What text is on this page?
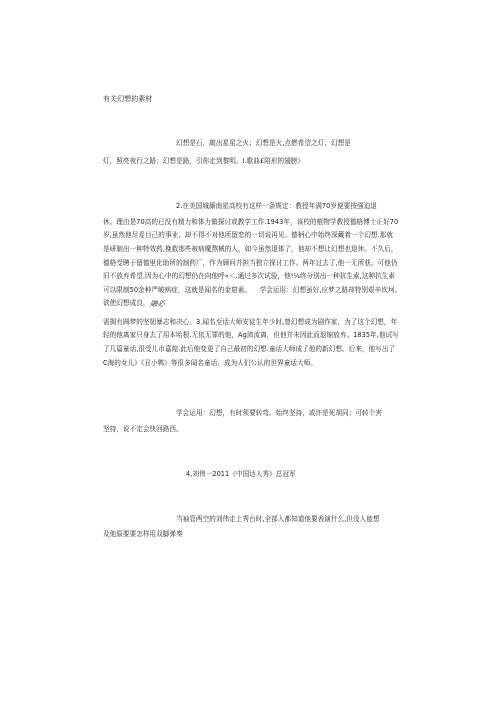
有关幻想的素材
幻想是石，敲出星星之火；幻想是火,点燃希望之灯；幻想是
灯，照亮夜行之路；幻想是路，引你走到黎明。I.歌曲£陪形的翅膀》
2.在美国城厮南星高校有这样一条规定：教授年满70岁便要按强迫退
休。理由是70高的已没有精力和体力做探讨或教学工作.1943年，该校的植物学教授德格博士正好70
岁,虽然他尽爰目己的事业，却不得不对他所留恋的一切说再见。德柄心中始终深藏着一个幻想.那就
是研制出一种特效药,挽救那些被病魔熬械的人，如今虽然退体了，他却不想让幻想也退休。不久后，
德格受聘于留德里化助所的制药厂，作为顾问并担当独立探讨工作。两年过去了,他一无所获。可他仍
旧不放弃希望.因为心中的幻想仍在向他呼«＜.通过多次试验，他!¼终分别出一种抗生素,这种抗生素
可以限制50余种严峻病症，这就是闻名的金窟素。    学会运用：幻想虽好,应梦之路却特别艰辛坎坷。
欲使幻想成良， 融必
需拥有圆梦的坚韧暴志和决心。3.闻名至话大师安徒生年少时,曾幻想成为剧作家，为了这个幻想，年
轻的他离家只身去了用本哈根.无依无罪的他，Ag沛流离，但他并未因此而退缩放弃。1835年,他试写
了几篇童话,很受儿市嘉煌.此后他变更了自己最初的幻想.童话大师成了他的新幻想。后来，他写出了
C海的女儿》《丑小鸭》等很多闻名童话，成为人们公认的世界童话大师。
学会运用：幻想，有时须要转弯。始终坚持，或许是死胡同；可转个害
坚持，说不定会快回路西。
4,刘伟一2011《中国达人秀》总冠军
当袖管两空的刘伟走上秀台时,全部入都知道他要表演什么,但没人能想
及他原要要怎样用双脚弹奏
